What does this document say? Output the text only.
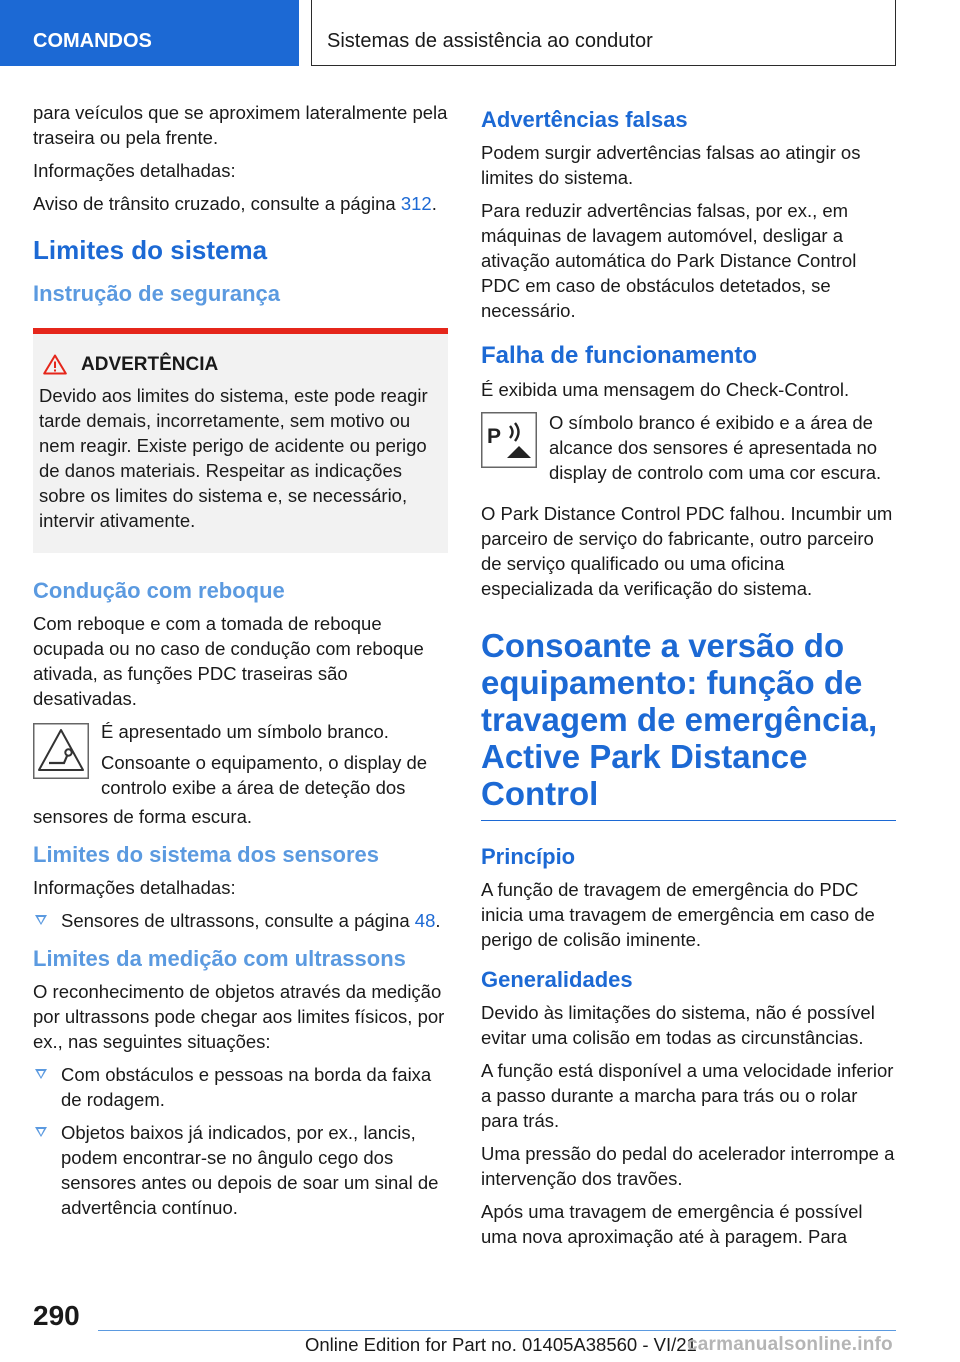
COMANDOS	Sistemas de assistência ao condutor

para veículos que se aproximem lateralmente pela traseira ou pela frente.

Informações detalhadas:

Aviso de trânsito cruzado, consulte a página 312.

Limites do sistema
Instrução de segurança
ADVERTÊNCIA
Devido aos limites do sistema, este pode reagir tarde demais, incorretamente, sem motivo ou nem reagir. Existe perigo de acidente ou perigo de danos materiais. Respeitar as indicações sobre os limites do sistema e, se necessário, intervir ativamente.
Condução com reboque

Com reboque e com a tomada de reboque ocupada ou no caso de condução com reboque ativada, as funções PDC traseiras são desativadas.

É apresentado um símbolo branco.

Consoante o equipamento, o display de controlo exibe a área de deteção dos

sensores de forma escura.

Limites do sistema dos sensores

Informações detalhadas:

Sensores de ultrassons, consulte a página 48.
Limites da medição com ultrassons

O reconhecimento de objetos através da medição por ultrassons pode chegar aos limites físicos, por ex., nas seguintes situações:

Com obstáculos e pessoas na borda da faixa de rodagem.
Objetos baixos já indicados, por ex., lancis, podem encontrar-se no ângulo cego dos sensores antes ou depois de soar um sinal de advertência contínuo.
Advertências falsas

Podem surgir advertências falsas ao atingir os limites do sistema.

Para reduzir advertências falsas, por ex., em máquinas de lavagem automóvel, desligar a ativação automática do Park Distance Control PDC em caso de obstáculos detetados, se necessário.

Falha de funcionamento

É exibida uma mensagem do Check-Control.

P

O símbolo branco é exibido e a área de alcance dos sensores é apresentada no display de controlo com uma cor escura.

O Park Distance Control PDC falhou. Incumbir um parceiro de serviço do fabricante, outro parceiro de serviço qualificado ou uma oficina especializada da verificação do sistema.

Consoante a versão do equipamento: função de travagem de emergência, Active Park Distance Control
Princípio

A função de travagem de emergência do PDC inicia uma travagem de emergência em caso de perigo de colisão iminente.

Generalidades

Devido às limitações do sistema, não é possível evitar uma colisão em todas as circunstâncias.

A função está disponível a uma velocidade inferior a passo durante a marcha para trás ou o rolar para trás.

Uma pressão do pedal do acelerador interrompe a intervenção dos travões.

Após uma travagem de emergência é possível uma nova aproximação até à paragem. Para

290
Online Edition for Part no. 01405A38560 - VI/21
carmanualsonline.info
